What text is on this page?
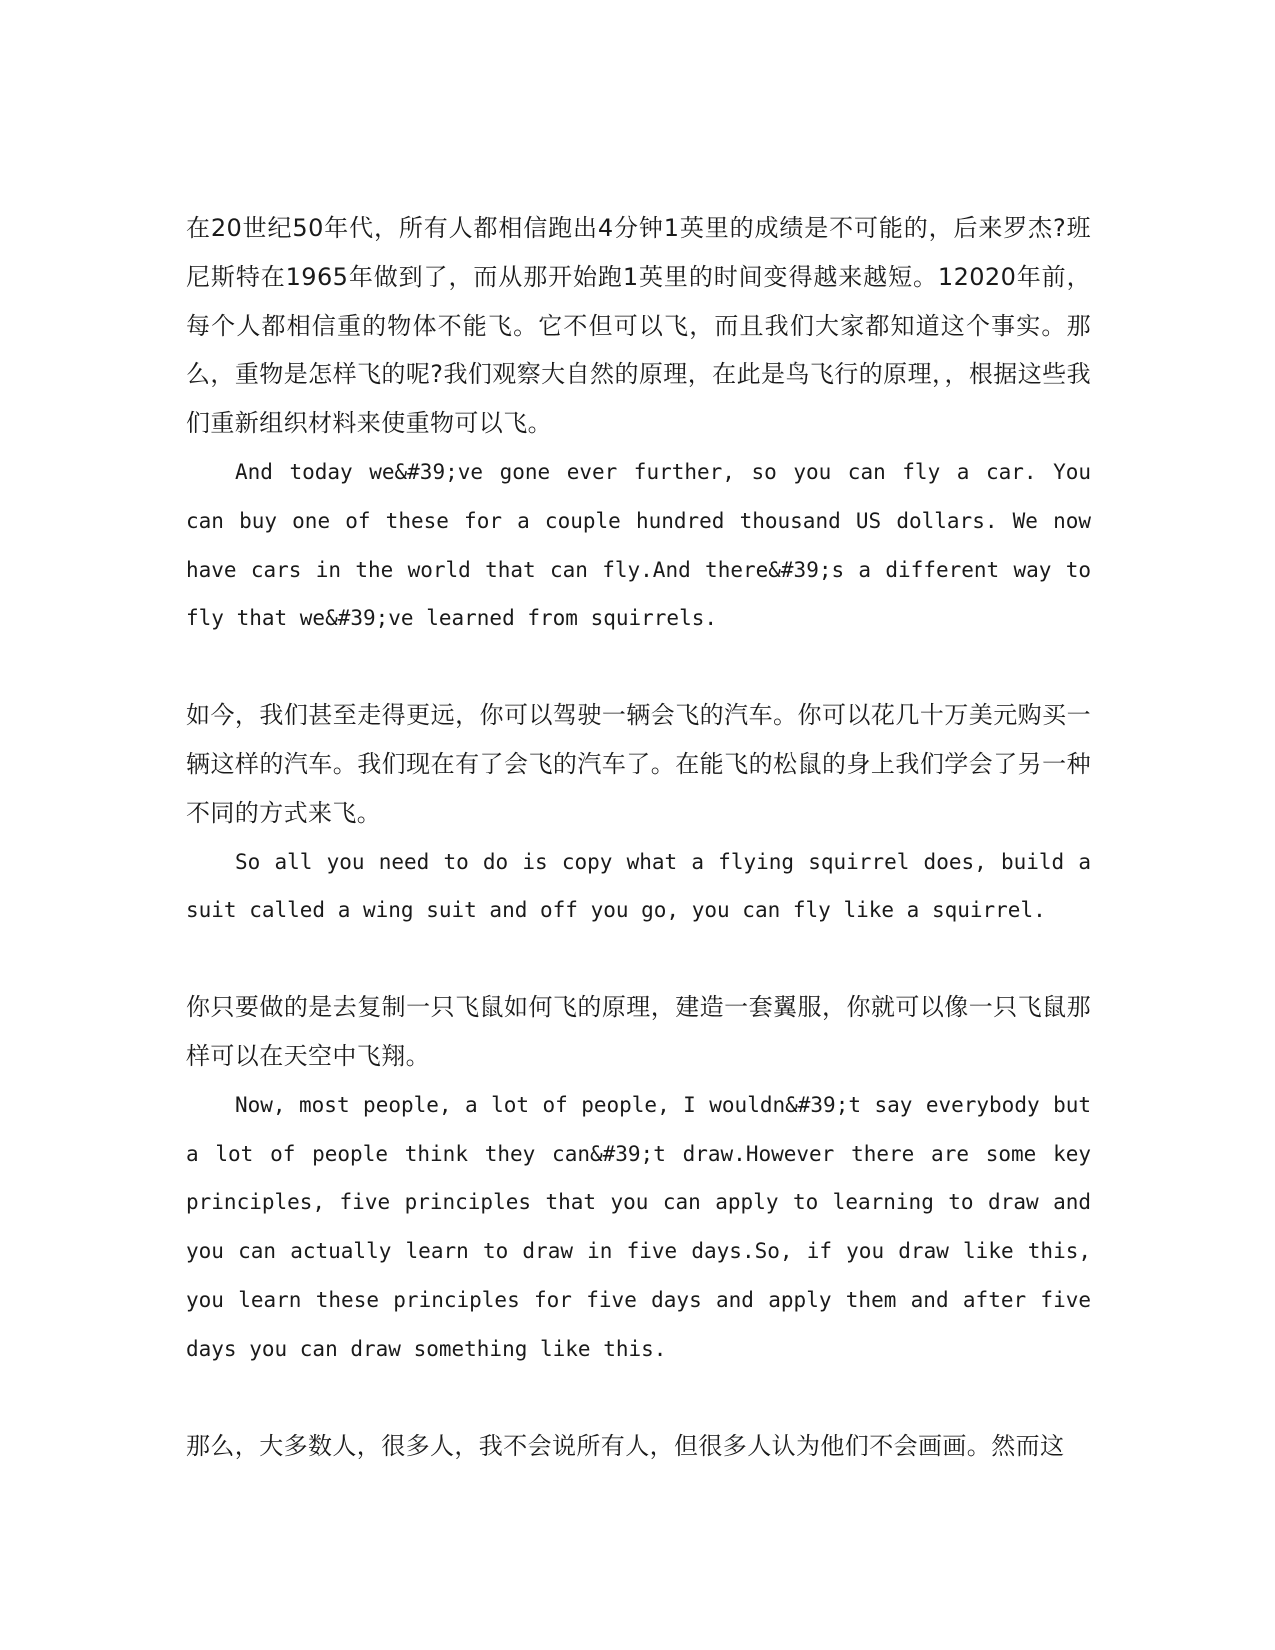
在20世纪50年代，所有人都相信跑出4分钟1英里的成绩是不可能的，后来罗杰?班尼斯特在1965年做到了，而从那开始跑1英里的时间变得越来越短。12020年前，每个人都相信重的物体不能飞。它不但可以飞，而且我们大家都知道这个事实。那么，重物是怎样飞的呢?我们观察大自然的原理，在此是鸟飞行的原理，，根据这些我们重新组织材料来使重物可以飞。

And today we&#39;ve gone ever further, so you can fly a car. You can buy one of these for a couple hundred thousand US dollars. We now have cars in the world that can fly.And there&#39;s a different way to fly that we&#39;ve learned from squirrels.

如今，我们甚至走得更远，你可以驾驶一辆会飞的汽车。你可以花几十万美元购买一辆这样的汽车。我们现在有了会飞的汽车了。在能飞的松鼠的身上我们学会了另一种不同的方式来飞。

So all you need to do is copy what a flying squirrel does, build a suit called a wing suit and off you go, you can fly like a squirrel.

你只要做的是去复制一只飞鼠如何飞的原理，建造一套翼服，你就可以像一只飞鼠那样可以在天空中飞翔。

Now, most people, a lot of people, I wouldn&#39;t say everybody but a lot of people think they can&#39;t draw.However there are some key principles, five principles that you can apply to learning to draw and you can actually learn to draw in five days.So, if you draw like this, you learn these principles for five days and apply them and after five days you can draw something like this.

那么，大多数人，很多人，我不会说所有人，但很多人认为他们不会画画。然而这
